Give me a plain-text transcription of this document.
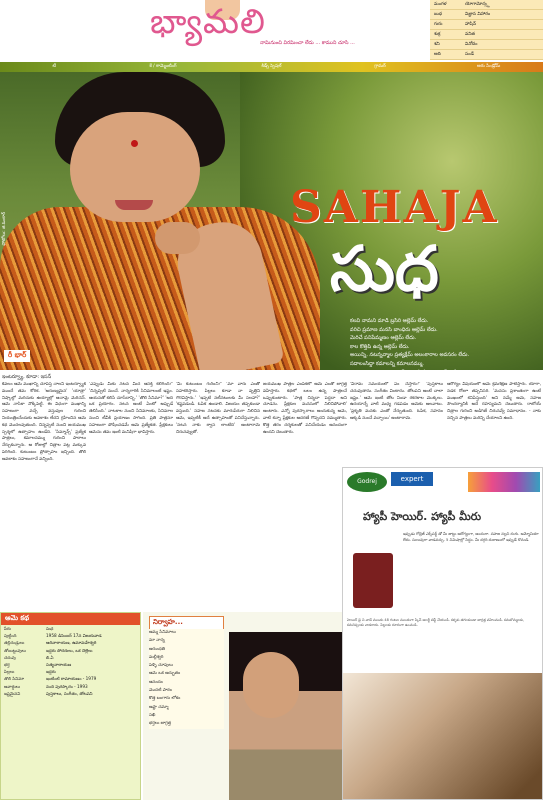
భ్యామలి
నామినుంచి విరమించా లేదు ... కాముని చూసి ...
మంగళ	యోగామోన్స్ట
బుధ	విజ్ఞాన విహారం
గురు	హాషిన్
శుక్ర	వనిత
శని	వినోదం
ఆది	సండే
టీ	శే / కామ్మెంటింగ్	కిడ్స్ స్పెషల్	గ్రామర్	ఆరు సిండ్రోమ్
ఫోటోలు: జి.ఓంకార్	SAHAJA
సుధ
కలవి నామని మాడి బ్రసిరి ఆల్లెమ్ లేదు.
వరిచి ప్రమాణ మనసి బాంధిరు ఆల్లెమ్ లేదు.
మెరిచే పనిపేమ్మణం ఆల్లెమ్ లేదు.
కాల కొత్తిపి ఉన్న ఆల్లెమ్ లేదు.
అయిన్ని, నటన్నవ్మాల ప్రత్యక్షేమ్ అలంకారాల అవసరం లేదు.
సదాలంసిద్దా కమాలన్ని కమాలనమ్ము.
రీ భార్
ఇంటర్వ్యూ, కూడా: ఇసన్
కేవలం ఆమె ముఖాన్ని చూపిస్తే చాలని ఇంటర్వ్యూకి ముందే తమ కోరిక. 'అరుణ్యమైన' 'యాత్రా' నిష్కాల్లో మరిచుకు ఉయ్యాల్లో ఆచామ్లె మెరిచెన్. ఆమె నాసికా నొక్కిపెట్టి. ఈ విధంగా ముఖాన్ని సహజంగా వచ్చే వస్తువుల గురించి నియంత్రించేందుకు అవకాశం లేదని గ్రహించిన ఆమె కథ మొదలవుతుంది. చిన్నప్పటి నుంచి జయముఖ స్పర్శలో ఉత్సాహం ఉండేది. 'సిమ్మాన్స్' ప్రత్యేక పాత్రలు, కమాలనమ్ము గురించి పాఠాలు నేర్చుకున్నారు. ఆ రోజుల్లో చిత్రాల పట్ల మక్కువ పెరిగింది. కుటుంబం ప్రోత్సాహం ఇచ్చింది. తొలి అవకాశం సహజంగానే వచ్చింది.
'ఎప్పుడు మీకు నటన మీద ఆసక్తి కలిగింది?' 'చిన్నప్పటి నుంచే. నాన్నగారికి సినిమాలంటే ఇష్టం. ఆయనతో కలిసి చూసేదాన్ని.' 'తొలి సినిమా?' 'అది ఒక ప్రయోగం. నటన అంటే ఏంటో అప్పుడే తెలిసింది.' నాటకాల నుంచి సినిమాలకు, సినిమాల నుంచి టీవీకి ప్రయాణం సాగింది. ప్రతి పాత్రనూ సహజంగా పోషించడమే ఆమె ప్రత్యేకత. ప్రేక్షకులు ఆమెను తమ ఇంటి మనిషిగా భావిస్తారు.
'మీ కుటుంబం గురించి?' 'మా వారు ఎంతో సహకరిస్తారు. పిల్లలు కూడా నా వృత్తిని గౌరవిస్తారు.' 'ఇప్పటి నటీనటులకు మీ సలహా?' 'కష్టపడండి. ఓపిక ఉండాలి. విజయం తప్పకుండా వస్తుంది.' సహజ నటనకు మారుపేరుగా నిలిచిన ఆమె, ఇప్పటికీ అదే ఉత్సాహంతో పనిచేస్తున్నారు. 'నటన నాకు శ్వాస లాంటిది' అంటారామె చిరునవ్వుతో.
జయముఖ పాత్రల ఎంపికలో ఆమె ఎంతో జాగ్రత్త వహిస్తారు. కథలో బలం ఉన్న పాత్రలనే ఒప్పుకుంటారు. 'పాత్ర చిన్నదా పెద్దదా అని చూడను. ప్రేక్షకుల మనసులో నిలిచిపోవాలి' అంటారు. ఎన్నో పురస్కారాలు అందుకున్న ఆమె, వాటి కన్నా ప్రేక్షకుల ఆదరణే గొప్పదని నమ్ముతారు. కొత్త తరం దర్శకులతో పనిచేయడం ఆనందంగా ఉందని చెబుతారు.
'విరామ సమయంలో ఏం చేస్తారు?' 'పుస్తకాలు చదువుతాను. సంగీతం వింటాను. తోటపని అంటే చాలా ఇష్టం.' ఆమె ఇంటి తోట నిండా రకరకాల మొక్కలు. ఉదయాన్నే వాటి మధ్య గడపడం ఆమెకు అలవాటు. 'ప్రకృతి మనకు ఎంతో నేర్పుతుంది. ఓపిక, సహనం అక్కడి నుంచే వచ్చాయి' అంటారామె.
ఆరోగ్యం విషయంలో ఆమె క్రమశిక్షణ పాటిస్తారు. యోగా, నడక రోజూ తప్పనిసరి. 'మనసు ప్రశాంతంగా ఉంటే ముఖంలో కనిపిస్తుంది' అని నమ్మే ఆమె, సహజ సౌందర్యానికి అదే రహస్యమని చెబుతారు. రాబోయే చిత్రాల గురించి అడిగితే చిరునవ్వే సమాధానం. - నాకు నచ్చిన పాత్రలు మరిన్ని చేయాలని ఉంది.
ఆమె కథ
పేరు	సుధ
పుట్టింది	1958 డిసెంబర్ 17న విజయవాడ
తల్లిదండ్రులు	ఆదినారాయణ, ఉమామహేశ్వరి
తోబుట్టువులు	ఇద్దరు సోదరులు, ఒక చెల్లెలు
చదువు	బి.ఏ
భర్త	సత్యనారాయణ
పిల్లలు	ఇద్దరు
తొలి సినిమా	ఇంటింటి రామాయణం - 1979
అవార్డులు	నంది పురస్కారం - 1993
ఇష్టమైనవి	పుస్తకాలు, సంగీతం, తోటపని
నిర్వాహ...
అమ్మ సినిమాలు
మా నాన్న
అరుంధతి
మల్లీశ్వరి
పెళ్ళి చూపులు
ఆమె ఒక అద్భుతం
ఆనందం
మొదటి పాఠం
కొత్త బంగారు లోకం
అష్టా చమ్మా
సఖి
భర్తలు జాగ్రత్త
Godrej	expert
హ్యాపీ హెయిర్. హ్యాపీ మీరు
ఇప్పుడు గోద్రెజ్ ఎక్స్‌పర్ట్ తో మీ జుట్టు ఆరోగ్యంగా, అందంగా. సహజ నల్లని రంగు. అమ్మోనియా లేదు. సులువుగా వాడవచ్చు. 5 నిమిషాల్లో సిద్ధం. మీ దగ్గరి దుకాణంలో ఇప్పుడే కొనండి.
హెయిర్ డై ని వాడే ముందు 48 గంటల ముందుగా స్కిన్ అలర్జీ టెస్ట్ చేయండి. కళ్ళకు తగలకుండా జాగ్రత్త వహించండి. కనుబొమ్మలకు, కనురెప్పలకు వాడరాదు. పిల్లలకు దూరంగా ఉంచండి.
